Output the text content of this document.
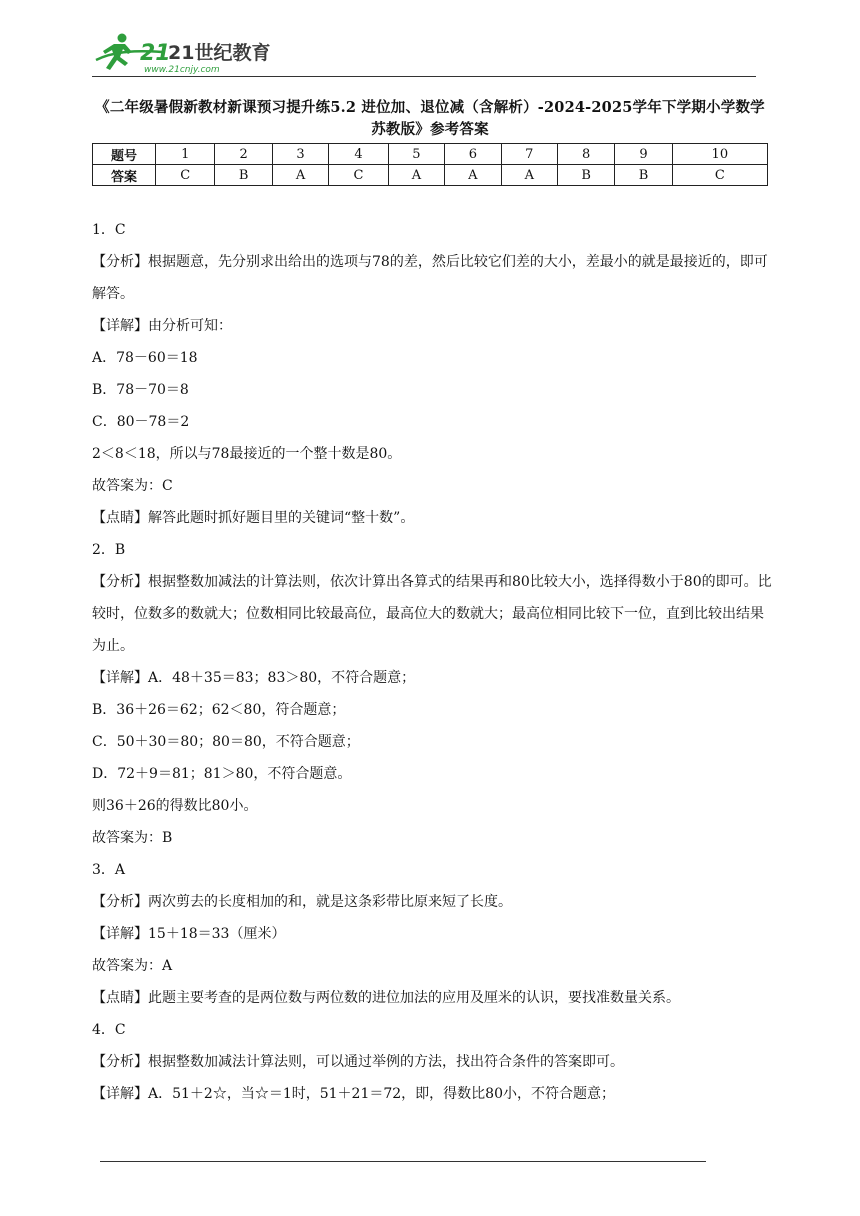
21
21世纪教育
www.21cnjy.com
《二年级暑假新教材新课预习提升练5.2 进位加、退位减（含解析）-2024-2025学年下学期小学数学苏教版》参考答案
题号	1	2	3	4	5	6	7	8	9	10
答案	C	B	A	C	A	A	A	B	B	C

1．C

【分析】根据题意，先分别求出给出的选项与78的差，然后比较它们差的大小，差最小的就是最接近的，即可解答。

【详解】由分析可知：

A．78－60＝18

B．78－70＝8

C．80－78＝2

2＜8＜18，所以与78最接近的一个整十数是80。

故答案为：C

【点睛】解答此题时抓好题目里的关键词“整十数”。

2．B

【分析】根据整数加减法的计算法则，依次计算出各算式的结果再和80比较大小，选择得数小于80的即可。比较时，位数多的数就大；位数相同比较最高位，最高位大的数就大；最高位相同比较下一位，直到比较出结果为止。

【详解】A．48＋35＝83；83＞80，不符合题意；

B．36＋26＝62；62＜80，符合题意；

C．50＋30＝80；80＝80，不符合题意；

D．72＋9＝81；81＞80，不符合题意。

则36＋26的得数比80小。

故答案为：B

3．A

【分析】两次剪去的长度相加的和，就是这条彩带比原来短了长度。

【详解】15＋18＝33（厘米）

故答案为：A

【点睛】此题主要考查的是两位数与两位数的进位加法的应用及厘米的认识，要找准数量关系。

4．C

【分析】根据整数加减法计算法则，可以通过举例的方法，找出符合条件的答案即可。

【详解】A．51＋2☆，当☆＝1时，51＋21＝72，即，得数比80小，不符合题意；
